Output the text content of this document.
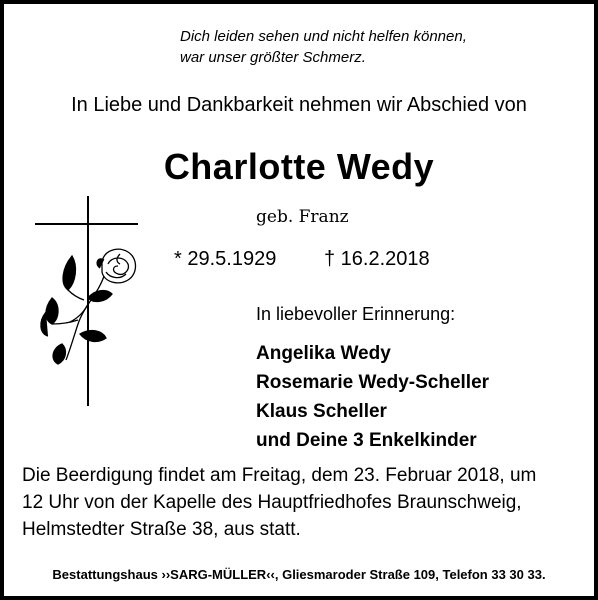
Dich leiden sehen und nicht helfen können,
war unser größter Schmerz.
In Liebe und Dankbarkeit nehmen wir Abschied von
Charlotte Wedy
geb. Franz
* 29.5.1929 † 16.2.2018
In liebevoller Erinnerung:
Angelika Wedy
Rosemarie Wedy-Scheller
Klaus Scheller
und Deine 3 Enkelkinder
Die Beerdigung findet am Freitag, dem 23. Februar 2018, um
12 Uhr von der Kapelle des Hauptfriedhofes Braunschweig,
Helmstedter Straße 38, aus statt.
Bestattungshaus ››SARG-MÜLLER‹‹, Gliesmaroder Straße 109, Telefon 33 30 33.
